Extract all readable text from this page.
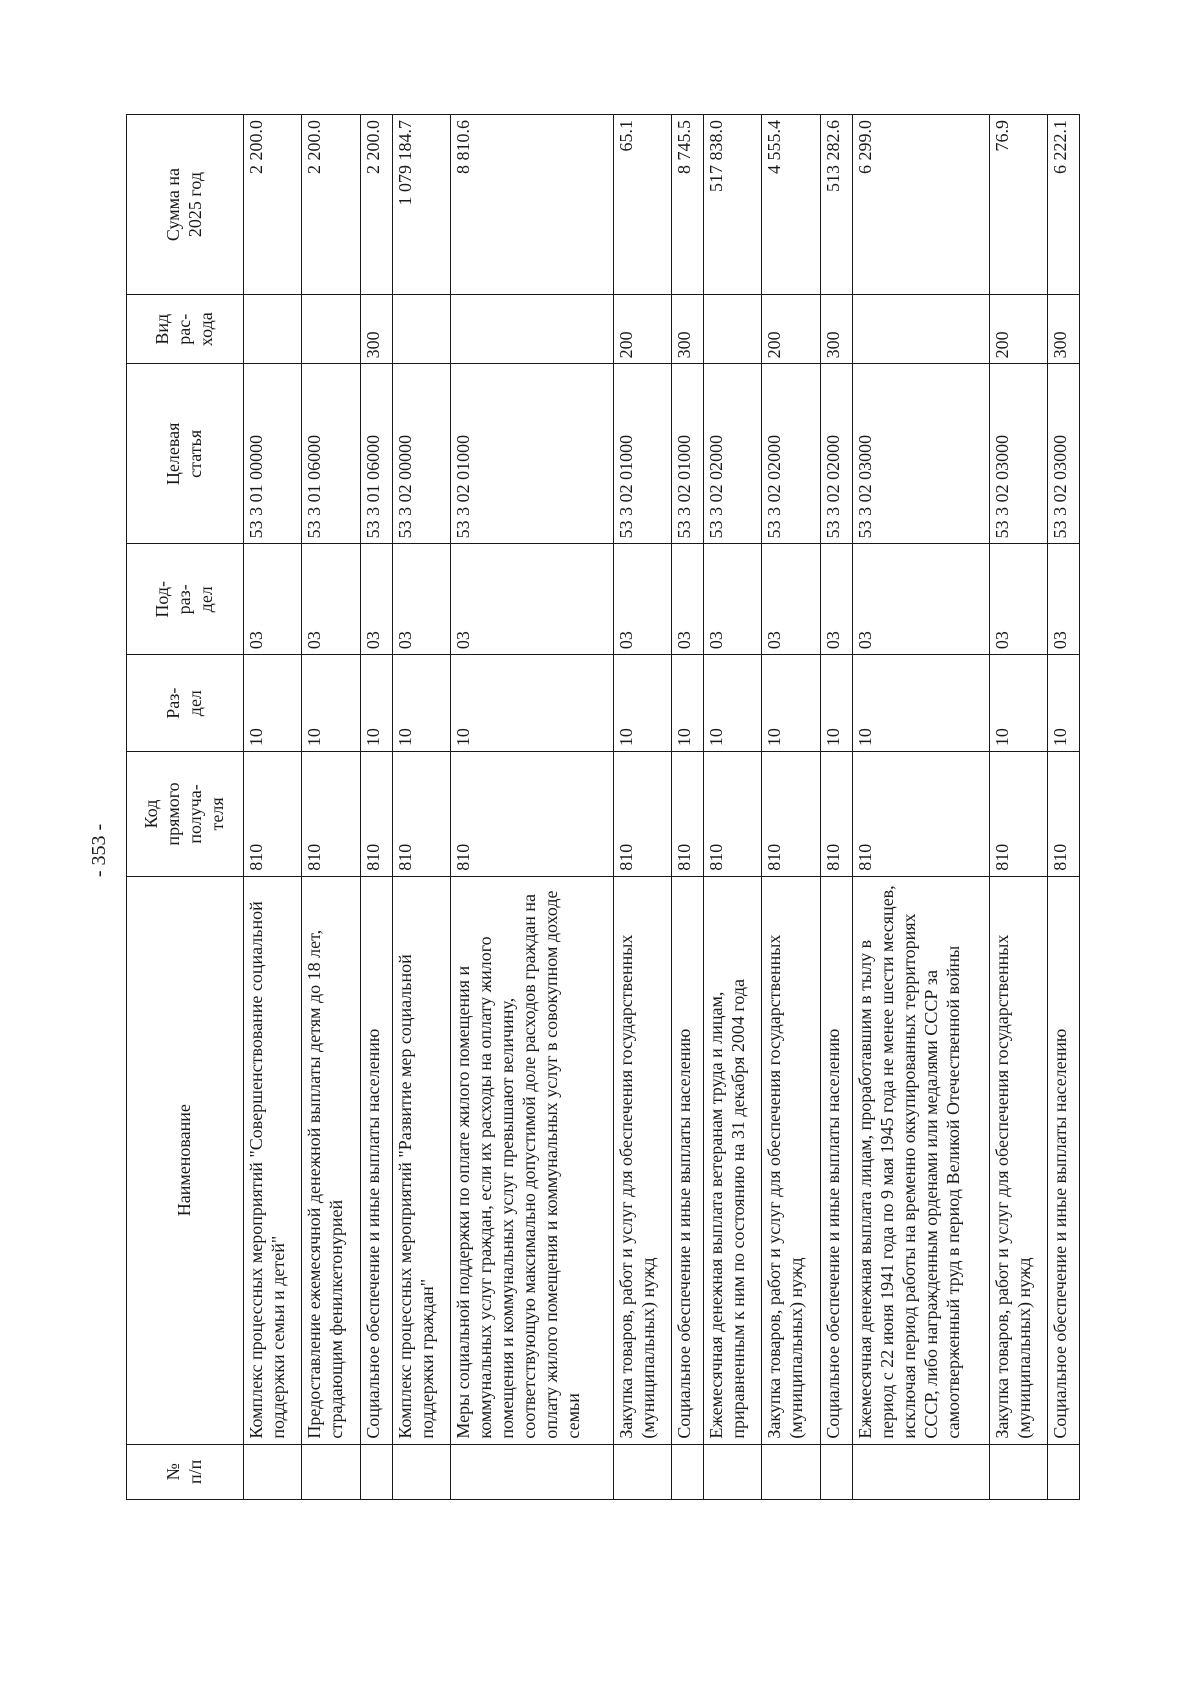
- 353 -
№
п/п	Наименование	Код
прямого
получа-
теля	Раз-
дел	Под-
раз-
дел	Целевая
статья	Вид
рас-
хода	Сумма на
2025 год
	Комплекс процессных мероприятий "Совершенствование социальной поддержки семьи и детей"	810	10	03	53 3 01 00000		2 200.0
	Предоставление ежемесячной денежной выплаты детям до 18 лет, страдающим фенилкетонурией	810	10	03	53 3 01 06000		2 200.0
	Социальное обеспечение и иные выплаты населению	810	10	03	53 3 01 06000	300	2 200.0
	Комплекс процессных мероприятий "Развитие мер социальной поддержки граждан"	810	10	03	53 3 02 00000		1 079 184.7
	Меры социальной поддержки по оплате жилого помещения и коммунальных услуг граждан, если их расходы на оплату жилого помещения и коммунальных услуг превышают величину, соответствующую максимально допустимой доле расходов граждан на оплату жилого помещения и коммунальных услуг в совокупном доходе семьи	810	10	03	53 3 02 01000		8 810.6
	Закупка товаров, работ и услуг для обеспечения государственных (муниципальных) нужд	810	10	03	53 3 02 01000	200	65.1
	Социальное обеспечение и иные выплаты населению	810	10	03	53 3 02 01000	300	8 745.5
	Ежемесячная денежная выплата ветеранам труда и лицам, приравненным к ним по состоянию на 31 декабря 2004 года	810	10	03	53 3 02 02000		517 838.0
	Закупка товаров, работ и услуг для обеспечения государственных (муниципальных) нужд	810	10	03	53 3 02 02000	200	4 555.4
	Социальное обеспечение и иные выплаты населению	810	10	03	53 3 02 02000	300	513 282.6
	Ежемесячная денежная выплата лицам, проработавшим в тылу в период с 22 июня 1941 года по 9 мая 1945 года не менее шести месяцев, исключая период работы на временно оккупированных территориях СССР, либо награжденным орденами или медалями СССР за самоотверженный труд в период Великой Отечественной войны	810	10	03	53 3 02 03000		6 299.0
	Закупка товаров, работ и услуг для обеспечения государственных (муниципальных) нужд	810	10	03	53 3 02 03000	200	76.9
	Социальное обеспечение и иные выплаты населению	810	10	03	53 3 02 03000	300	6 222.1
